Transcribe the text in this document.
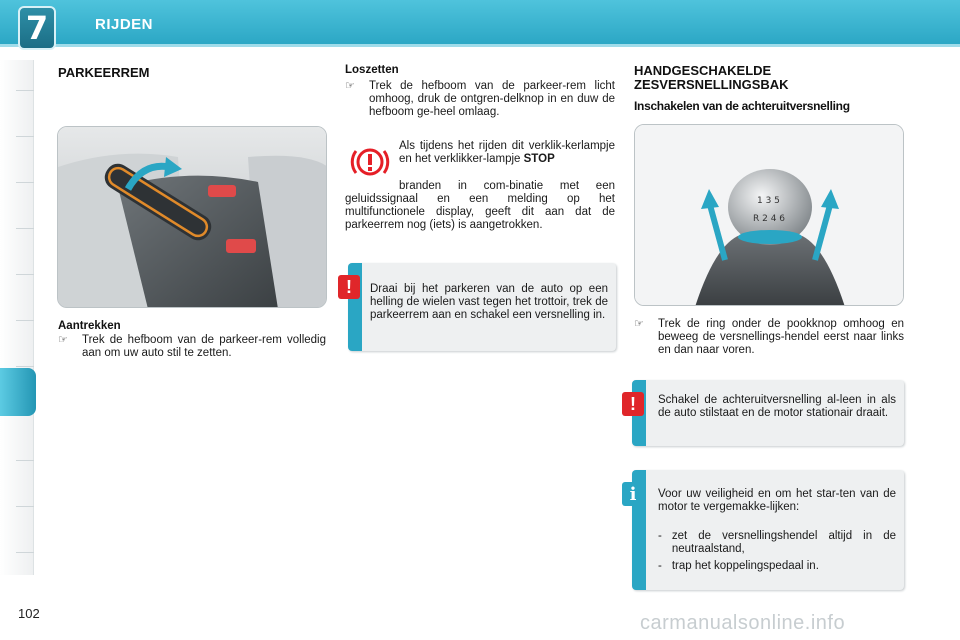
7	RIJDEN
PARKEERREM
Aantrekken
☞	Trek de hefboom van de parkeer-rem volledig aan om uw auto stil te zetten.
Loszetten
☞	Trek de hefboom van de parkeer-rem licht omhoog, druk de ontgren-delknop in en duw de hefboom ge-heel omlaag.
Als tijdens het rijden dit verklik-kerlampje en het verklikker-lampje STOP
branden in com-binatie met een geluidssignaal en een melding op het multifunctionele display, geeft dit aan dat de parkeerrem nog (iets) is aangetrokken.
!	Draai bij het parkeren van de auto op een helling de wielen vast tegen het trottoir, trek de parkeerrem aan en schakel een versnelling in.
HANDGESCHAKELDE ZESVERSNELLINGSBAK
Inschakelen van de achteruitversnelling
1 3 5
R 2 4 6
☞	Trek de ring onder de pookknop omhoog en beweeg de versnellings-hendel eerst naar links en dan naar voren.
!	Schakel de achteruitversnelling al-leen in als de auto stilstaat en de motor stationair draait.
i	Voor uw veiligheid en om het star-ten van de motor te vergemakke-lijken:
- zet de versnellingshendel altijd in de neutraalstand,
- trap het koppelingspedaal in.
102	carmanualsonline.info
